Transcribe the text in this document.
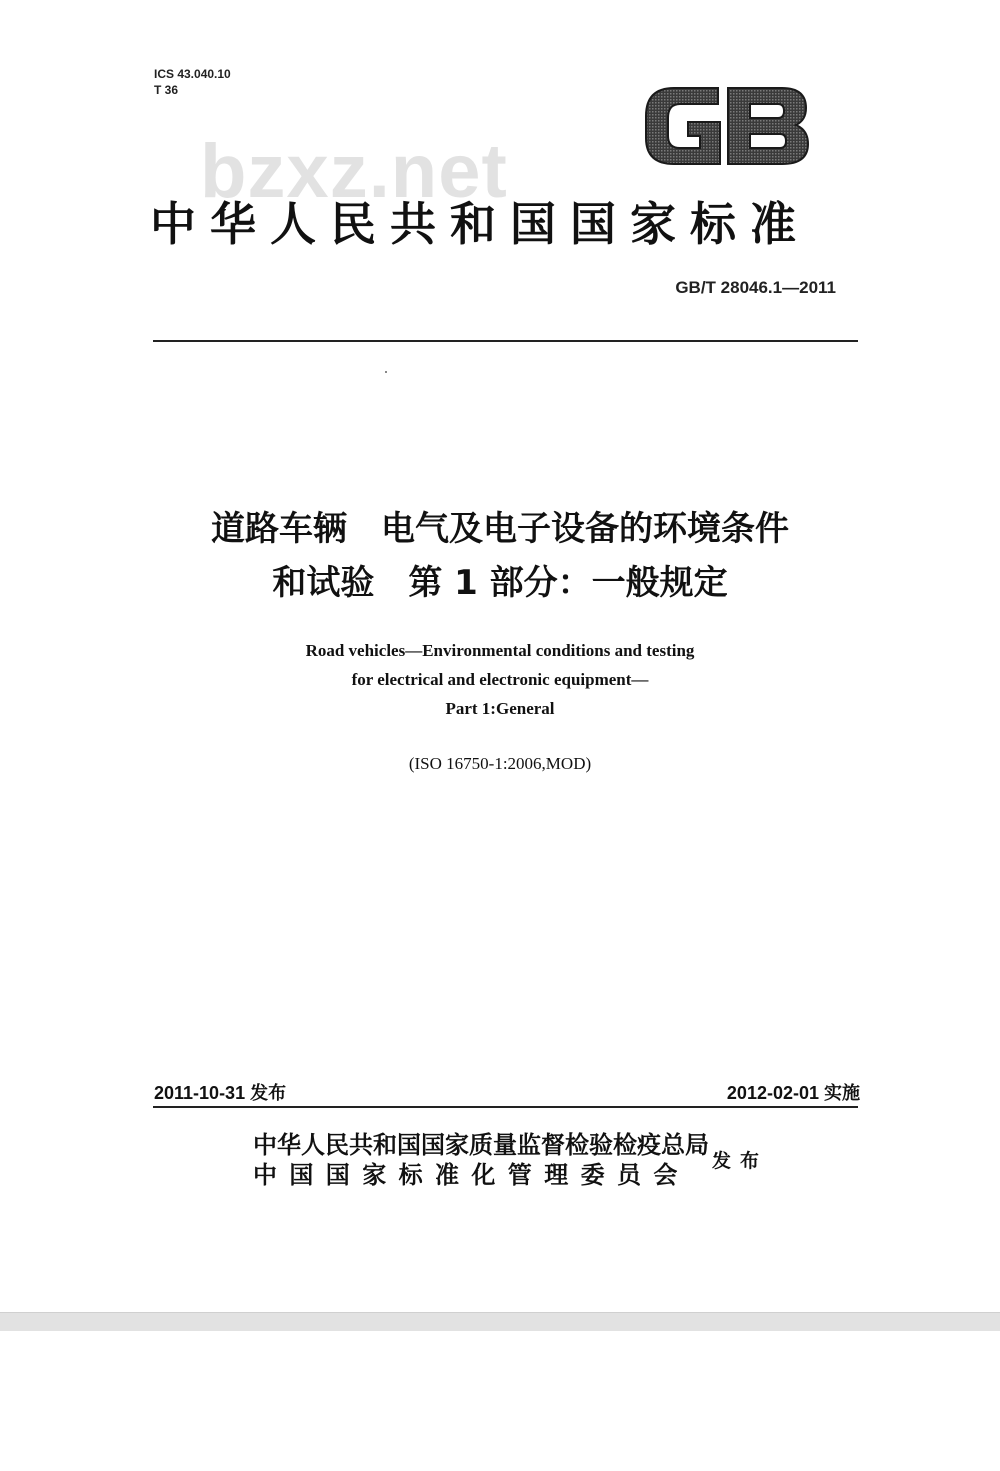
ICS 43.040.10
T 36
bzxz.net
中华人民共和国国家标准
GB/T 28046.1—2011
道路车辆　电气及电子设备的环境条件
和试验　第 1 部分：一般规定
Road vehicles—Environmental conditions and testing
for electrical and electronic equipment—
Part 1:General
(ISO 16750-1:2006,MOD)
2011-10-31 发布	2012-02-01 实施
中华人民共和国国家质量监督检验检疫总局
中国国家标准化管理委员会	发布
